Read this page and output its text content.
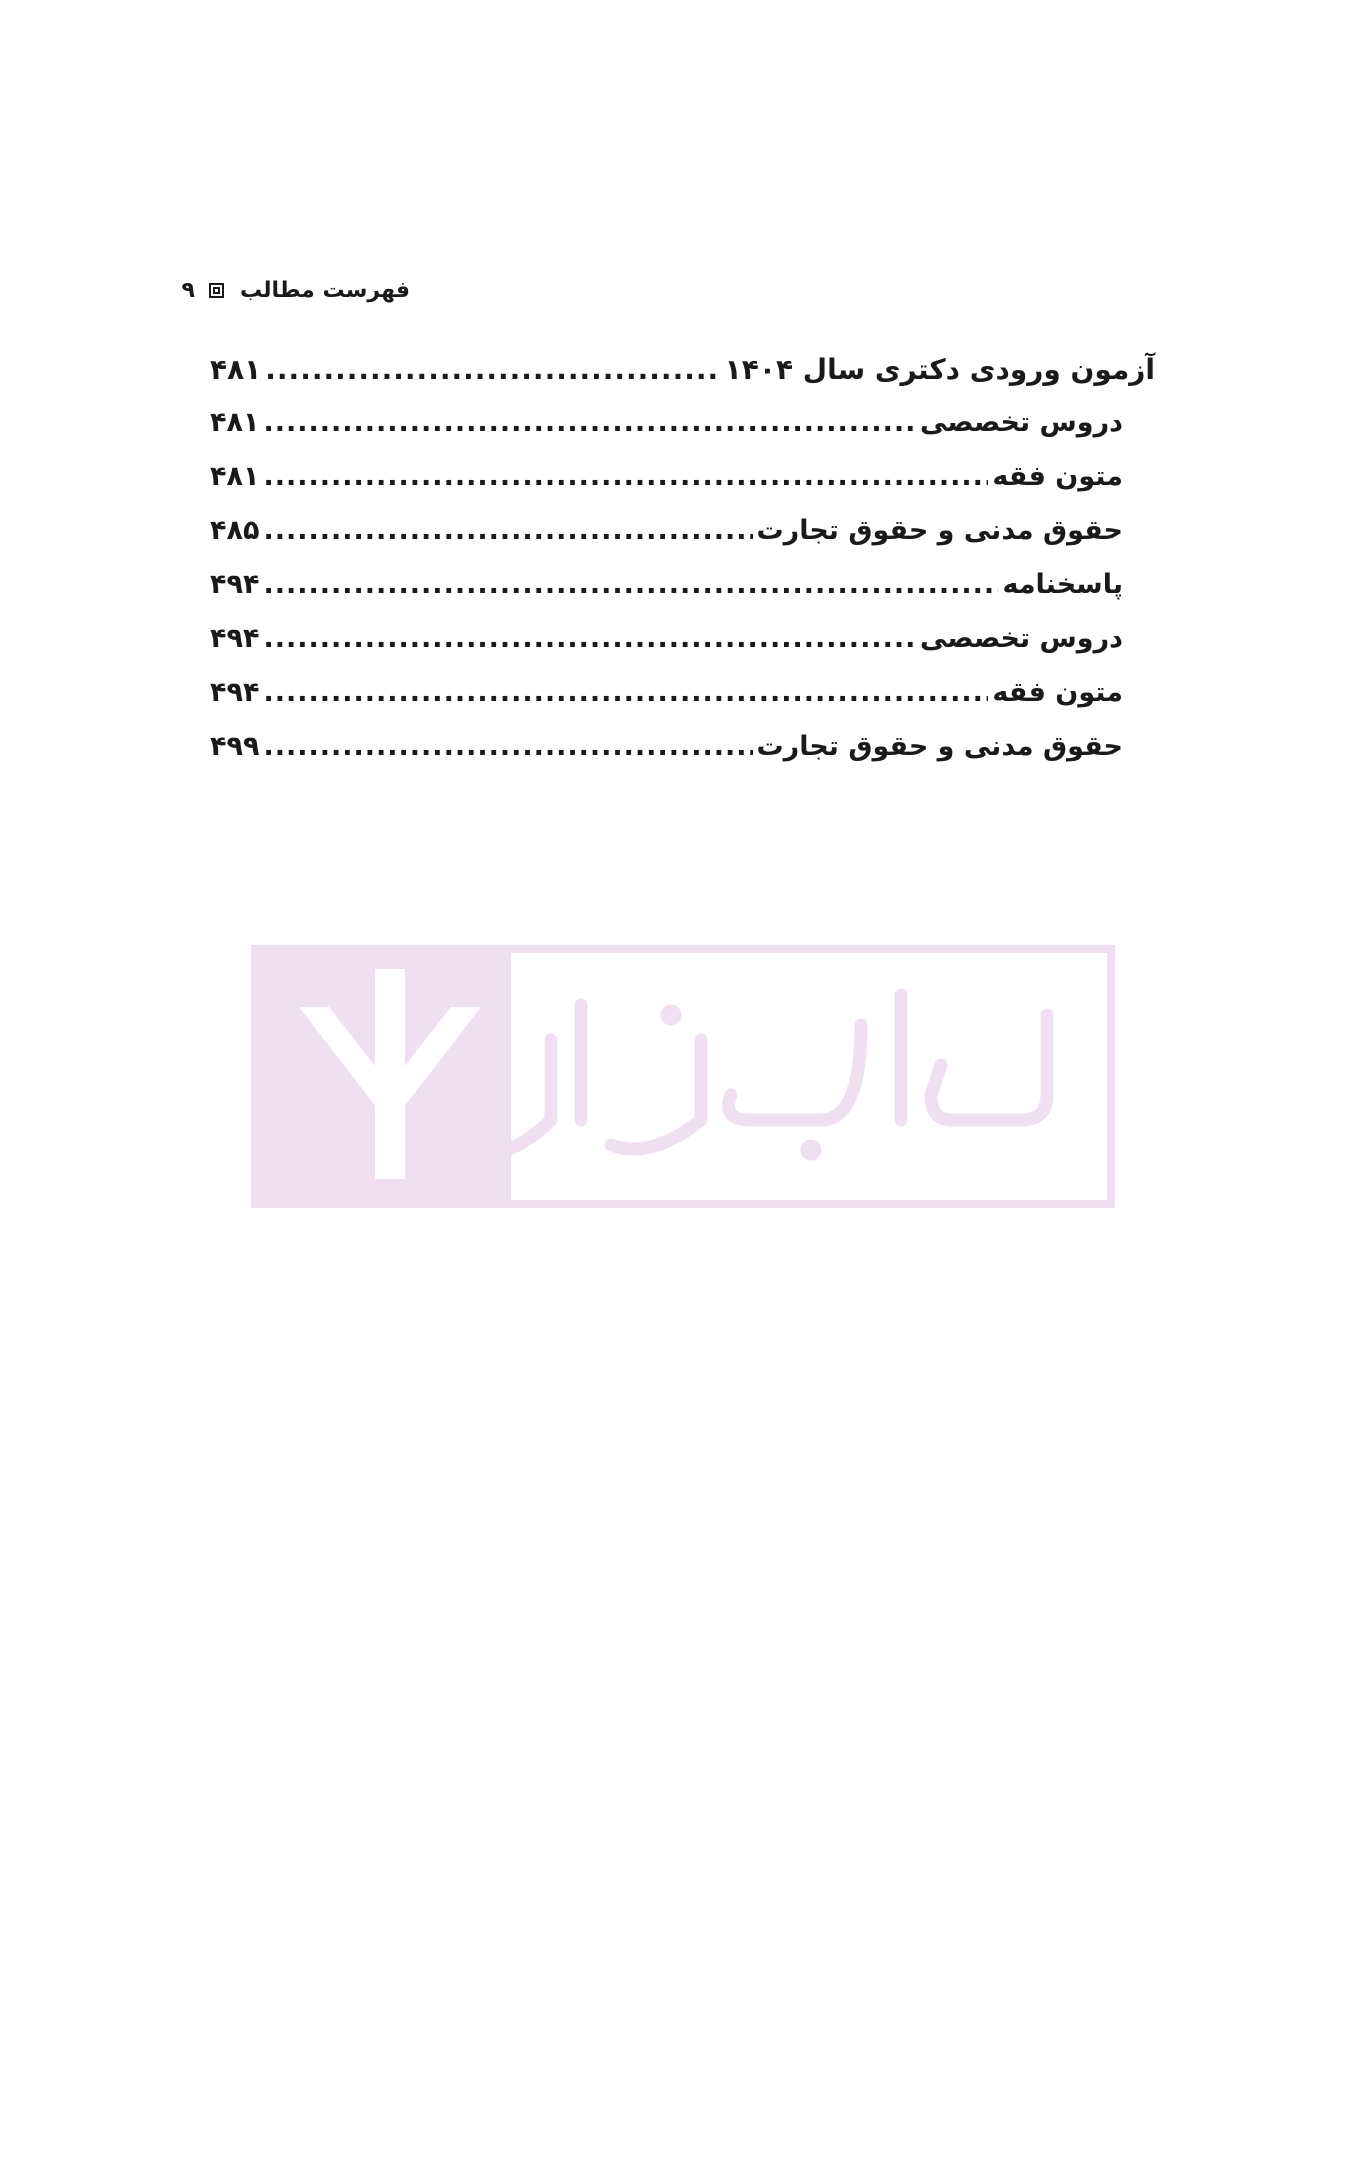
فهرست مطالب
۹
آزمون ورودی دکتری سال ۱۴۰۴
.....
۴۸۱
دروس تخصصی
.....
۴۸۱
متون فقه
.....
۴۸۱
حقوق مدنی و حقوق تجارت
.....
۴۸۵
پاسخنامه
.....
۴۹۴
دروس تخصصی
.....
۴۹۴
متون فقه
.....
۴۹۴
حقوق مدنی و حقوق تجارت
.....
۴۹۹
